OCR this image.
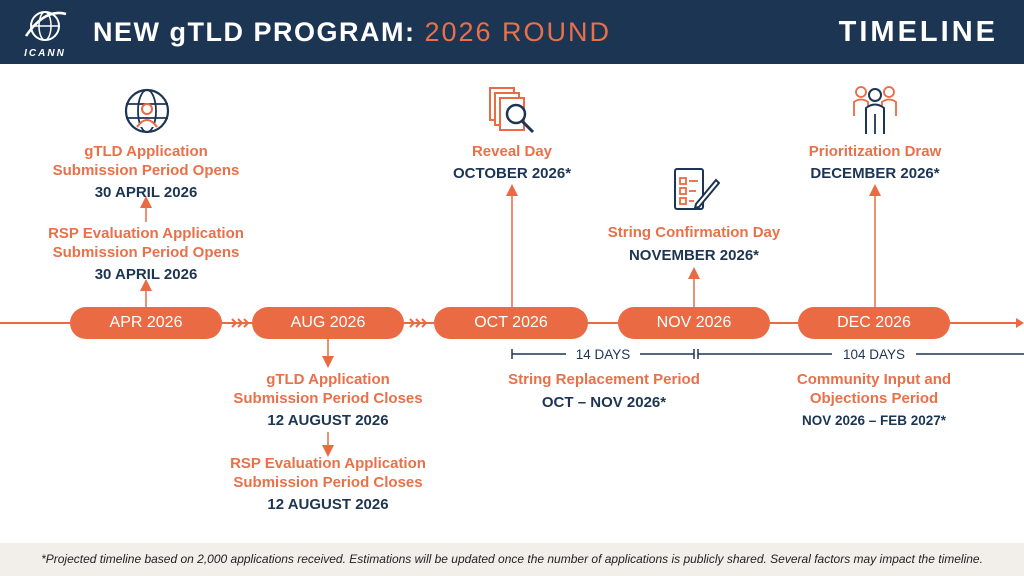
ICANN
NEW gTLD PROGRAM: 2026 ROUND	TIMELINE
APR 2026	AUG 2026	OCT 2026	NOV 2026	DEC 2026
gTLD Application
Submission Period Opens
30 APRIL 2026
RSP Evaluation Application
Submission Period Opens
30 APRIL 2026
gTLD Application
Submission Period Closes
12 AUGUST 2026
RSP Evaluation Application
Submission Period Closes
12 AUGUST 2026
Reveal Day
OCTOBER 2026*
String Confirmation Day
NOVEMBER 2026*
Prioritization Draw
DECEMBER 2026*
14 DAYS
String Replacement Period
OCT – NOV 2026*
104 DAYS
Community Input and
Objections Period
NOV 2026 – FEB 2027*
*Projected timeline based on 2,000 applications received. Estimations will be updated once the number of applications is publicly shared. Several factors may impact the timeline.
